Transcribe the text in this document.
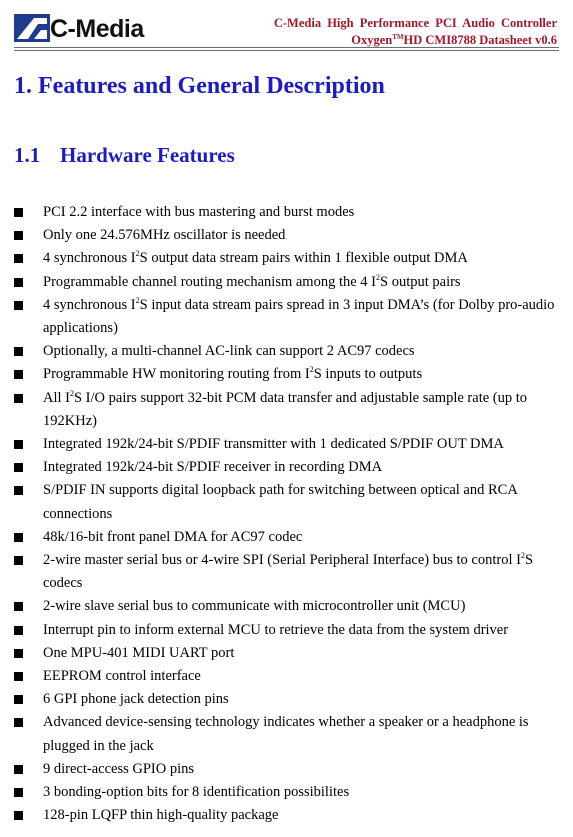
C-Media	C-Media High Performance PCI Audio Controller
Oxygen™HD CMI8788 Datasheet v0.6
1. Features and General Description
1.1 Hardware Features
PCI 2.2 interface with bus mastering and burst modes
Only one 24.576MHz oscillator is needed
4 synchronous $I^2S$ output data stream pairs within 1 flexible output DMA
Programmable channel routing mechanism among the 4 $I^2S$ output pairs
4 synchronous $I^2S$ input data stream pairs spread in 3 input DMA’s (for Dolby pro-audio applications)
Optionally, a multi-channel AC-link can support 2 AC97 codecs
Programmable HW monitoring routing from $I^2S$ inputs to outputs
All $I^2S$ I/O pairs support 32-bit PCM data transfer and adjustable sample rate (up to 192KHz)
Integrated 192k/24-bit S/PDIF transmitter with 1 dedicated S/PDIF OUT DMA
Integrated 192k/24-bit S/PDIF receiver in recording DMA
S/PDIF IN supports digital loopback path for switching between optical and RCA connections
48k/16-bit front panel DMA for AC97 codec
2-wire master serial bus or 4-wire SPI (Serial Peripheral Interface) bus to control $I^2S$ codecs
2-wire slave serial bus to communicate with microcontroller unit (MCU)
Interrupt pin to inform external MCU to retrieve the data from the system driver
One MPU-401 MIDI UART port
EEPROM control interface
6 GPI phone jack detection pins
Advanced device-sensing technology indicates whether a speaker or a headphone is plugged in the jack
9 direct-access GPIO pins
3 bonding-option bits for 8 identification possibilites
128-pin LQFP thin high-quality package
